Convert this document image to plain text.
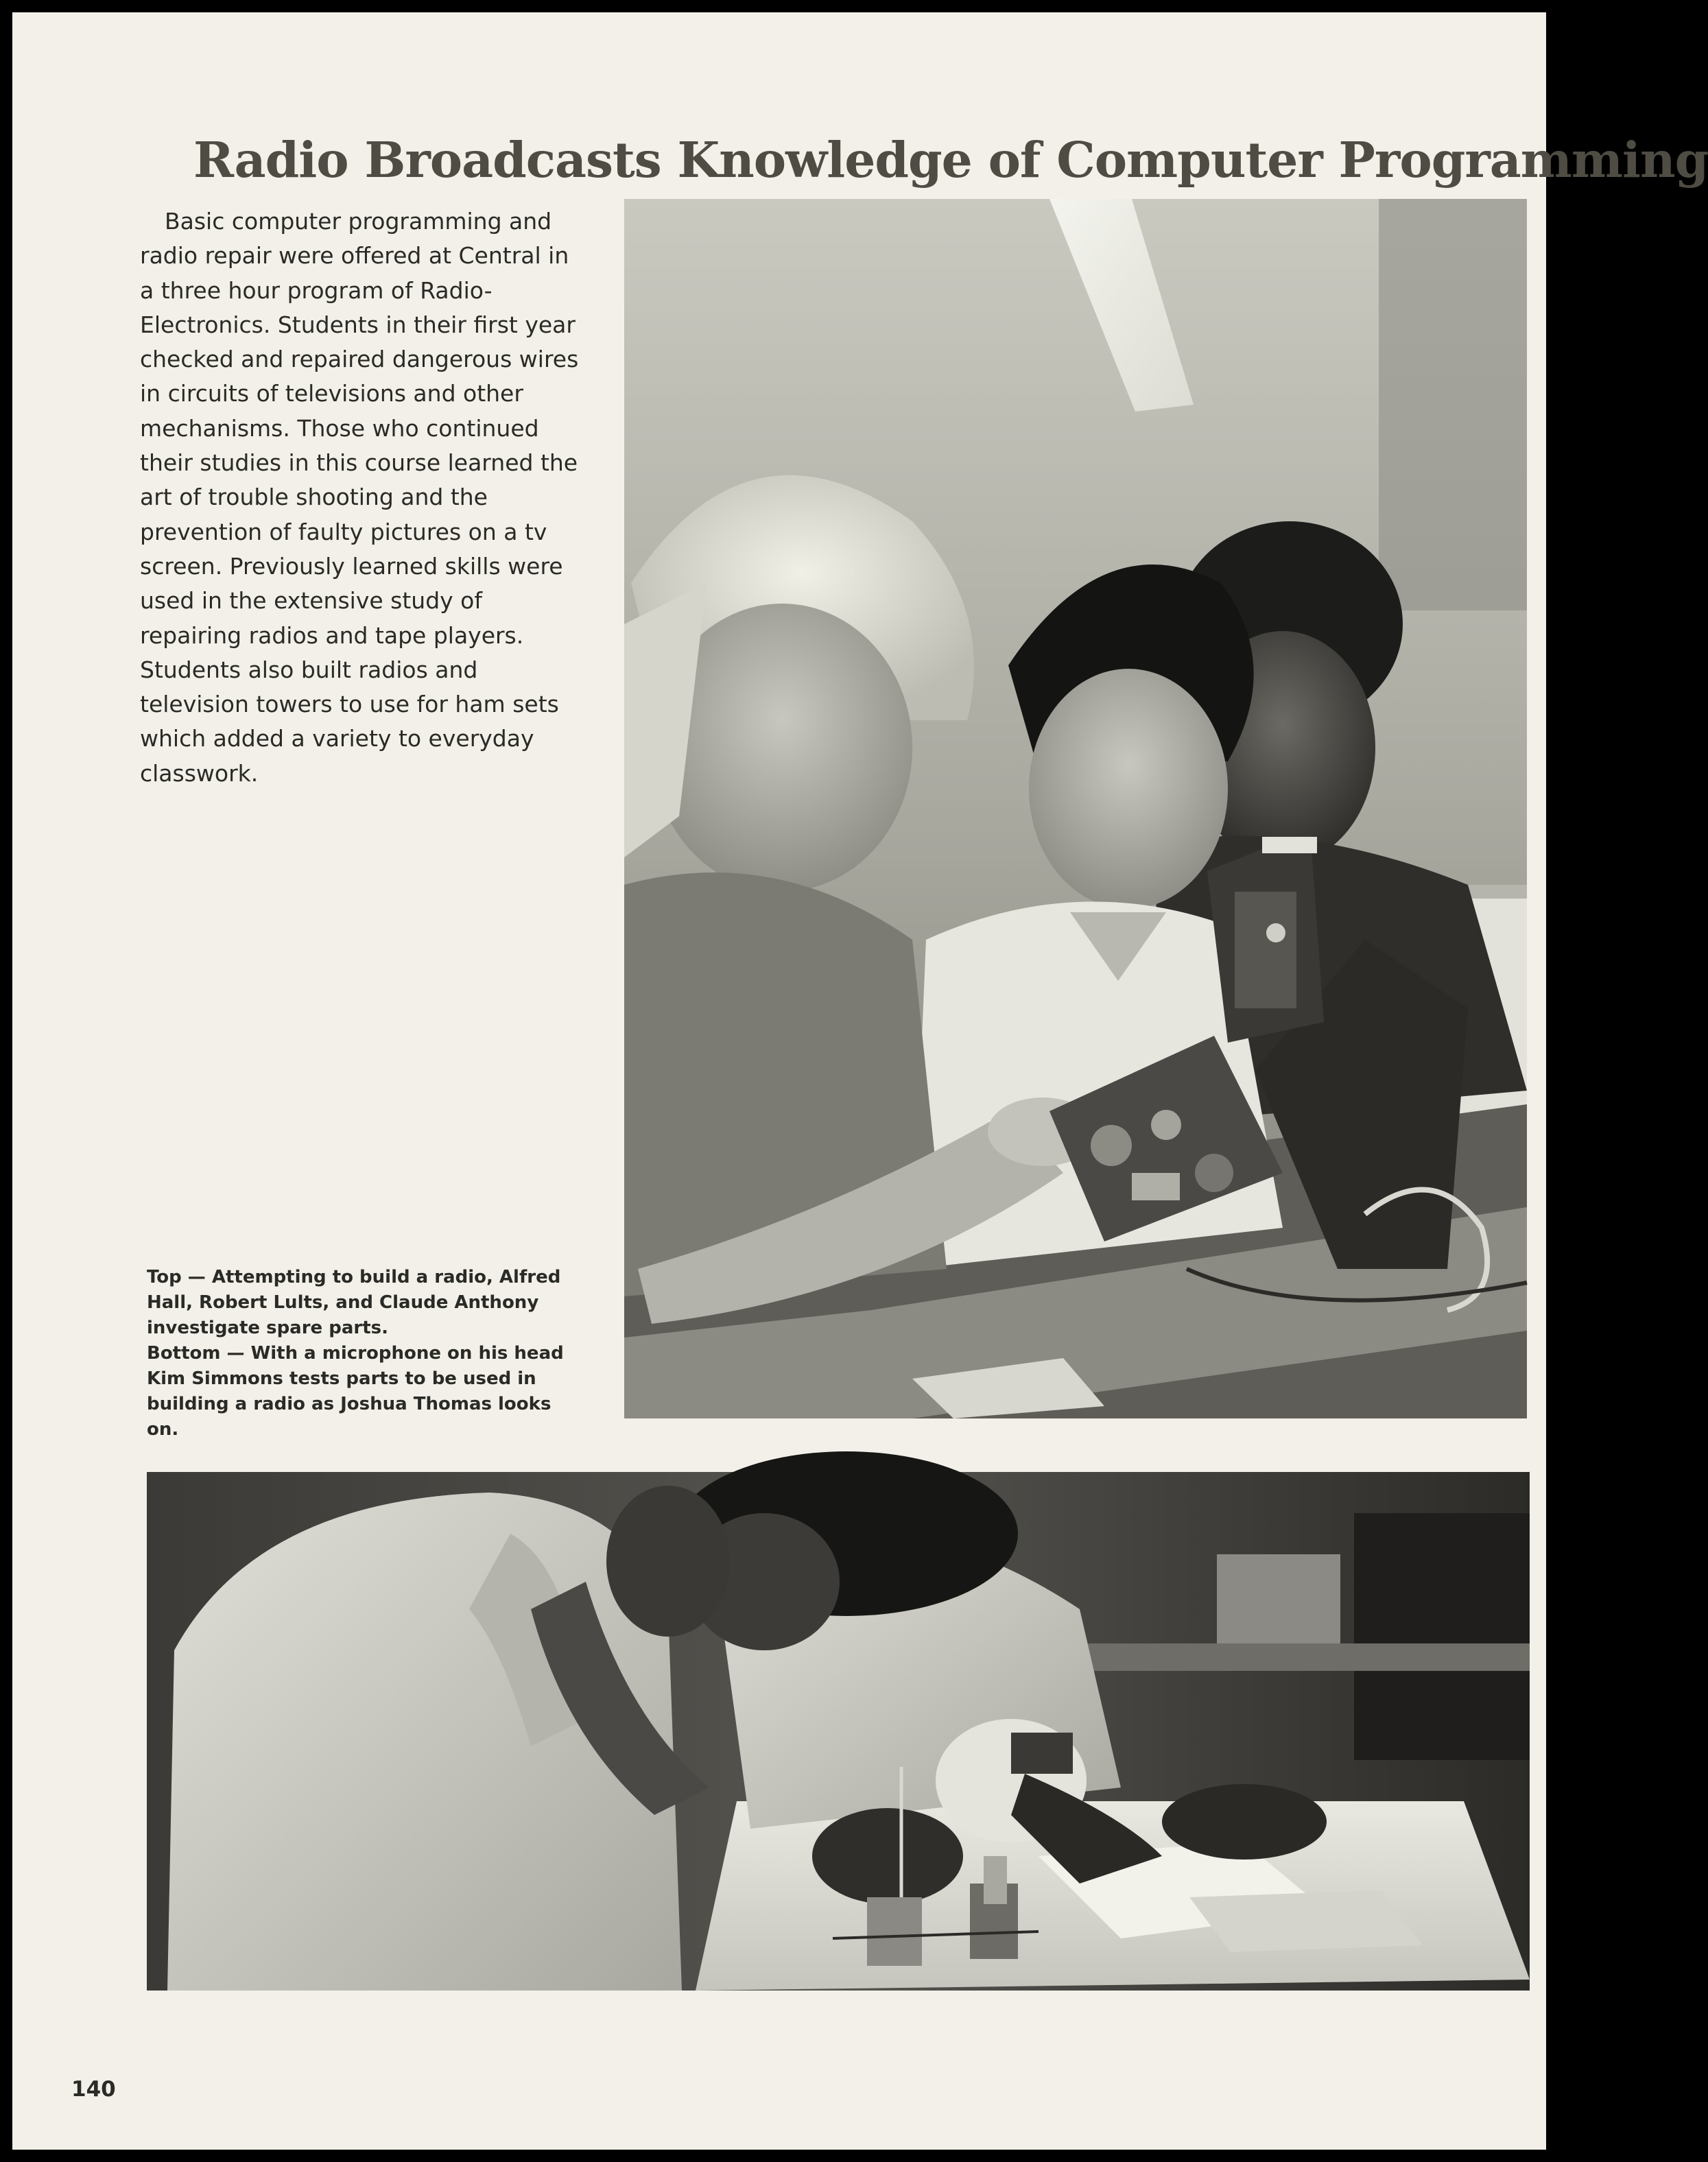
Radio Broadcasts Knowledge of Computer Programming

Basic computer programming and radio repair were offered at Central in a three hour program of Radio-Electronics. Students in their first year checked and repaired dangerous wires in circuits of televisions and other mechanisms. Those who continued their studies in this course learned the art of trouble shooting and the prevention of faulty pictures on a tv screen. Previously learned skills were used in the extensive study of repairing radios and tape players. Students also built radios and television towers to use for ham sets which added a variety to everyday classwork.

Top — Attempting to build a radio, Alfred Hall, Robert Lults, and Claude Anthony investigate spare parts.

Bottom — With a microphone on his head Kim Simmons tests parts to be used in building a radio as Joshua Thomas looks on.

140
